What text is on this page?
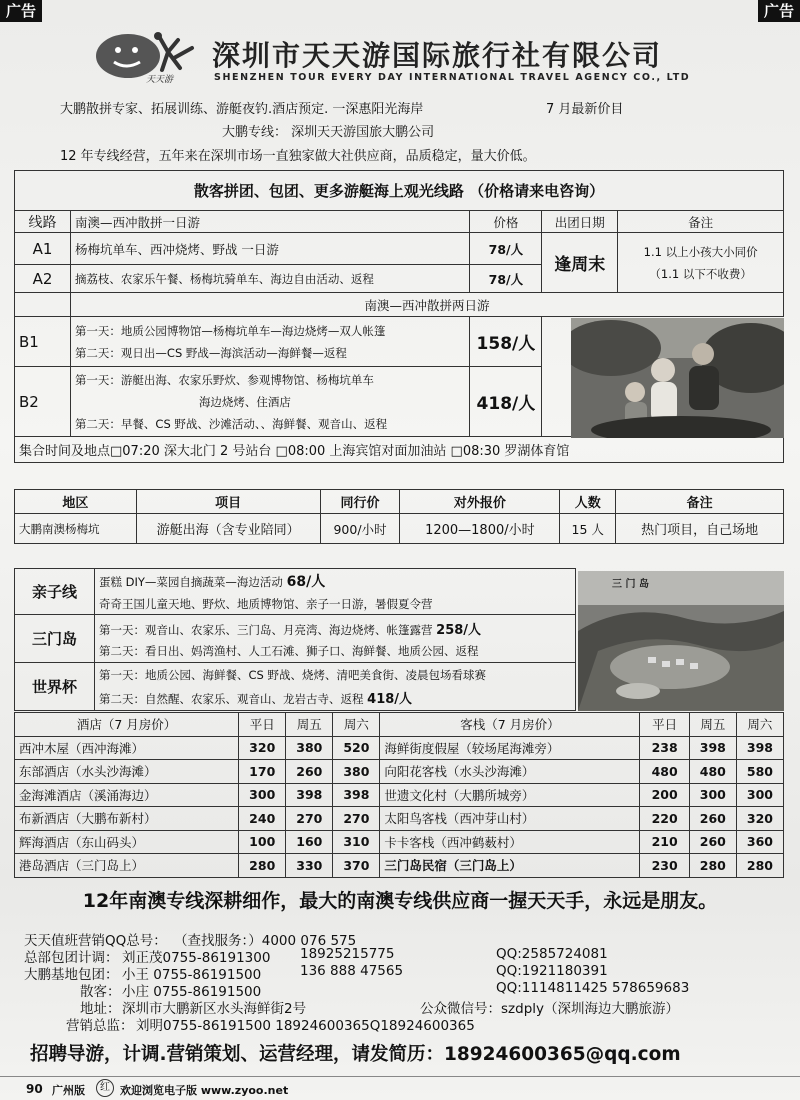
广告	广告
天天游
深圳市天天游国际旅行社有限公司
SHENZHEN TOUR EVERY DAY INTERNATIONAL TRAVEL AGENCY CO., LTD
大鹏散拼专家、拓展训练、游艇夜钓.酒店预定. 一深惠阳光海岸	7 月最新价目
大鹏专线： 深圳天天游国旅大鹏公司
12 年专线经营，五年来在深圳市场一直独家做大社供应商，品质稳定，量大价低。
散客拼团、包团、更多游艇海上观光线路 （价格请来电咨询）				
线路	南澳—西冲散拼一日游	价格	出团日期	备注
A1	杨梅坑单车、西冲烧烤、野战 一日游	78/人	逢周末	1.1 以上小孩大小同价
（1.1 以下不收费）

A2	摘荔枝、农家乐午餐、杨梅坑骑单车、海边自由活动、返程	78/人		
	南澳—西冲散拼两日游			
B1	第一天：地质公园博物馆—杨梅坑单车—海边烧烤—双人帐篷
第二天：观日出—CS 野战—海滨活动—海鲜餐—返程	158/人		
B2	第一天：游艇出海、农家乐野炊、参观博物馆、杨梅坑单车
海边烧烤、住酒店
第二天：早餐、CS 野战、沙滩活动、、海鲜餐、观音山、返程	418/人		
集合时间及地点□07:20 深大北门 2 号站台 □08:00 上海宾馆对面加油站 □08:30 罗湖体育馆				
地区	项目	同行价	对外报价	人数	备注
大鹏南澳杨梅坑	游艇出海（含专业陪同）	900/小时	1200—1800/小时	15 人	热门项目，自己场地
亲子线	蛋糕 DIY—菜园自摘蔬菜—海边活动 68/人
奇奇王国儿童天地、野炊、地质博物馆、亲子一日游，暑假夏令营

三门岛	第一天：观音山、农家乐、三门岛、月亮湾、海边烧烤、帐篷露营 258/人
第二天：看日出、妈湾渔村、人工石滩、狮子口、海鲜餐、地质公园、返程

世界杯	第一天：地质公园、海鲜餐、CS 野战、烧烤、清吧美食街、凌晨包场看球赛
第二天：自然醒、农家乐、观音山、龙岩古寺、返程 418/人
三 门 岛
酒店（7 月房价）	平日	周五	周六	客栈（7 月房价）	平日	周五	周六
西冲木屋（西冲海滩）	320	380	520	海鲜街度假屋（较场尾海滩旁）	238	398	398
东部酒店（水头沙海滩）	170	260	380	向阳花客栈（水头沙海滩）	480	480	580
金海滩酒店（溪涌海边）	300	398	398	世遗文化村（大鹏所城旁）	200	300	300
布新酒店（大鹏布新村）	240	270	270	太阳鸟客栈（西冲芽山村）	220	260	320
辉海酒店（东山码头）	100	160	310	卡卡客栈（西冲鹤薮村）	210	260	360
港岛酒店（三门岛上）	280	330	370	三门岛民宿（三门岛上）	230	280	280
12年南澳专线深耕细作，最大的南澳专线供应商一握天天手，永远是朋友。
天天值班营销QQ总号： （查找服务：）4000 076 575
总部包团计调： 刘正茂0755-86191300 18925215775	QQ:2585724081
大鹏基地包团： 小王 0755-86191500	136 888 47565	QQ:1921180391
散客： 小庄 0755-86191500	QQ:1114811425 578659683
地址： 深圳市大鹏新区水头海鲜街2号	公众微信号：szdply（深圳海边大鹏旅游）
营销总监： 刘明0755-86191500 18924600365Q18924600365
招聘导游，计调.营销策划、运营经理，请发简历：18924600365@qq.com
90 广州版	红 欢迎浏览电子版 www.zyoo.net
